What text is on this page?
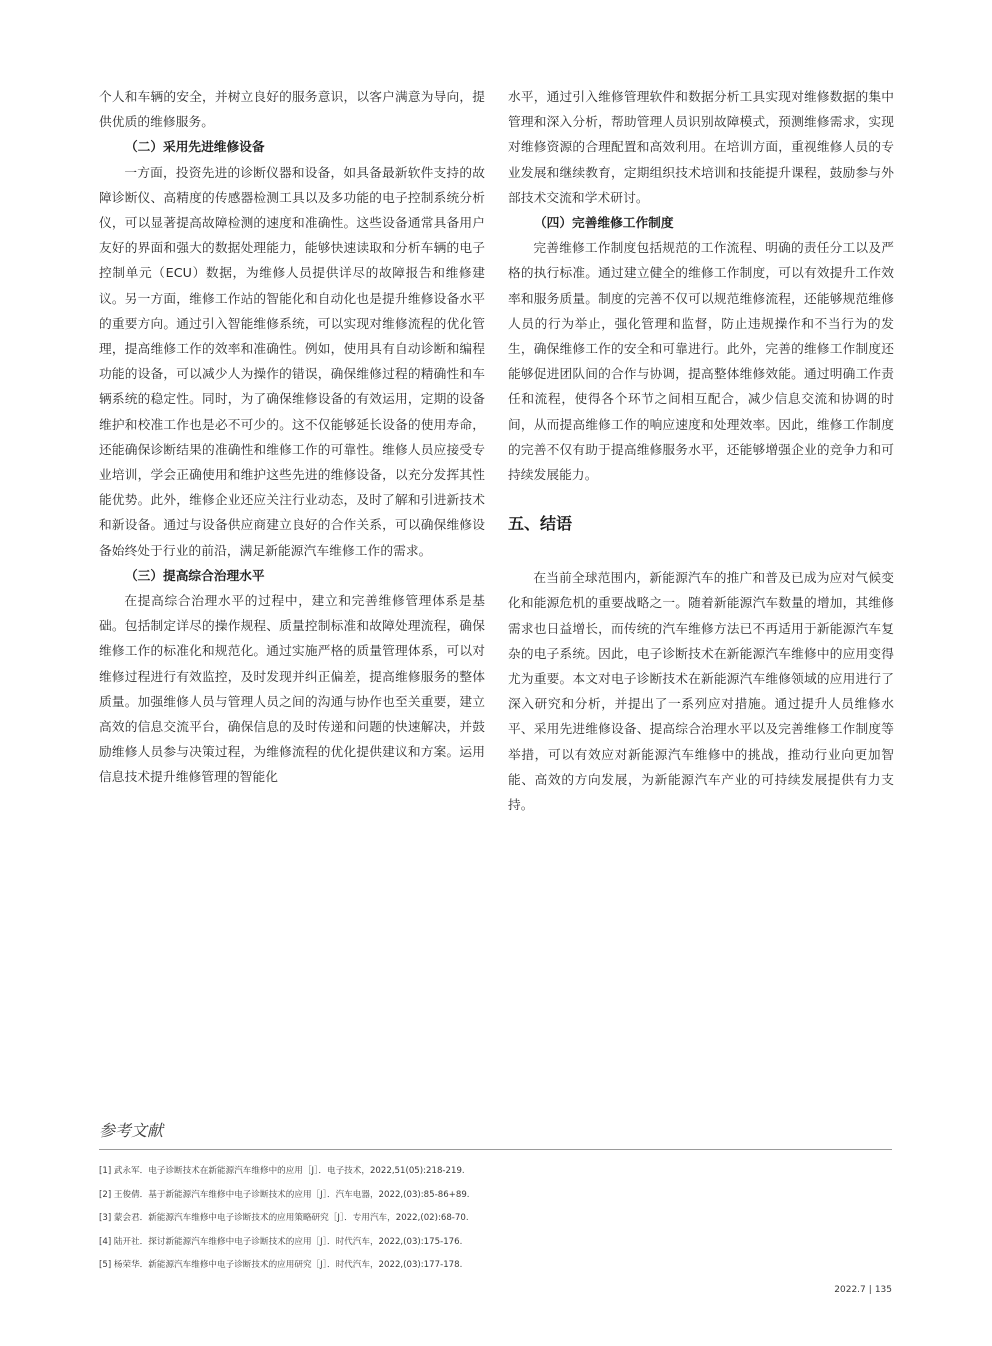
个人和车辆的安全，并树立良好的服务意识，以客户满意为导向，提供优质的维修服务。

（二）采用先进维修设备

一方面，投资先进的诊断仪器和设备，如具备最新软件支持的故障诊断仪、高精度的传感器检测工具以及多功能的电子控制系统分析仪，可以显著提高故障检测的速度和准确性。这些设备通常具备用户友好的界面和强大的数据处理能力，能够快速读取和分析车辆的电子控制单元（ECU）数据，为维修人员提供详尽的故障报告和维修建议。另一方面，维修工作站的智能化和自动化也是提升维修设备水平的重要方向。通过引入智能维修系统，可以实现对维修流程的优化管理，提高维修工作的效率和准确性。例如，使用具有自动诊断和编程功能的设备，可以减少人为操作的错误，确保维修过程的精确性和车辆系统的稳定性。同时，为了确保维修设备的有效运用，定期的设备维护和校准工作也是必不可少的。这不仅能够延长设备的使用寿命，还能确保诊断结果的准确性和维修工作的可靠性。维修人员应接受专业培训，学会正确使用和维护这些先进的维修设备，以充分发挥其性能优势。此外，维修企业还应关注行业动态，及时了解和引进新技术和新设备。通过与设备供应商建立良好的合作关系，可以确保维修设备始终处于行业的前沿，满足新能源汽车维修工作的需求。

（三）提高综合治理水平

在提高综合治理水平的过程中，建立和完善维修管理体系是基础。包括制定详尽的操作规程、质量控制标准和故障处理流程，确保维修工作的标准化和规范化。通过实施严格的质量管理体系，可以对维修过程进行有效监控，及时发现并纠正偏差，提高维修服务的整体质量。加强维修人员与管理人员之间的沟通与协作也至关重要，建立高效的信息交流平台，确保信息的及时传递和问题的快速解决，并鼓励维修人员参与决策过程，为维修流程的优化提供建议和方案。运用信息技术提升维修管理的智能化

水平，通过引入维修管理软件和数据分析工具实现对维修数据的集中管理和深入分析，帮助管理人员识别故障模式，预测维修需求，实现对维修资源的合理配置和高效利用。在培训方面，重视维修人员的专业发展和继续教育，定期组织技术培训和技能提升课程，鼓励参与外部技术交流和学术研讨。

（四）完善维修工作制度

完善维修工作制度包括规范的工作流程、明确的责任分工以及严格的执行标准。通过建立健全的维修工作制度，可以有效提升工作效率和服务质量。制度的完善不仅可以规范维修流程，还能够规范维修人员的行为举止，强化管理和监督，防止违规操作和不当行为的发生，确保维修工作的安全和可靠进行。此外，完善的维修工作制度还能够促进团队间的合作与协调，提高整体维修效能。通过明确工作责任和流程，使得各个环节之间相互配合，减少信息交流和协调的时间，从而提高维修工作的响应速度和处理效率。因此，维修工作制度的完善不仅有助于提高维修服务水平，还能够增强企业的竞争力和可持续发展能力。

五、结语

在当前全球范围内，新能源汽车的推广和普及已成为应对气候变化和能源危机的重要战略之一。随着新能源汽车数量的增加，其维修需求也日益增长，而传统的汽车维修方法已不再适用于新能源汽车复杂的电子系统。因此，电子诊断技术在新能源汽车维修中的应用变得尤为重要。本文对电子诊断技术在新能源汽车维修领域的应用进行了深入研究和分析，并提出了一系列应对措施。通过提升人员维修水平、采用先进维修设备、提高综合治理水平以及完善维修工作制度等举措，可以有效应对新能源汽车维修中的挑战，推动行业向更加智能、高效的方向发展，为新能源汽车产业的可持续发展提供有力支持。

参考文献
[1] 武永军．电子诊断技术在新能源汽车维修中的应用［J］．电子技术，2022,51(05):218-219.
[2] 王俊倩．基于新能源汽车维修中电子诊断技术的应用［J］．汽车电器，2022,(03):85-86+89.
[3] 蒙会君．新能源汽车维修中电子诊断技术的应用策略研究［J］．专用汽车，2022,(02):68-70.
[4] 陆开社．探讨新能源汽车维修中电子诊断技术的应用［J］．时代汽车，2022,(03):175-176.
[5] 杨荣华．新能源汽车维修中电子诊断技术的应用研究［J］．时代汽车，2022,(03):177-178.
2022.7 | 135
